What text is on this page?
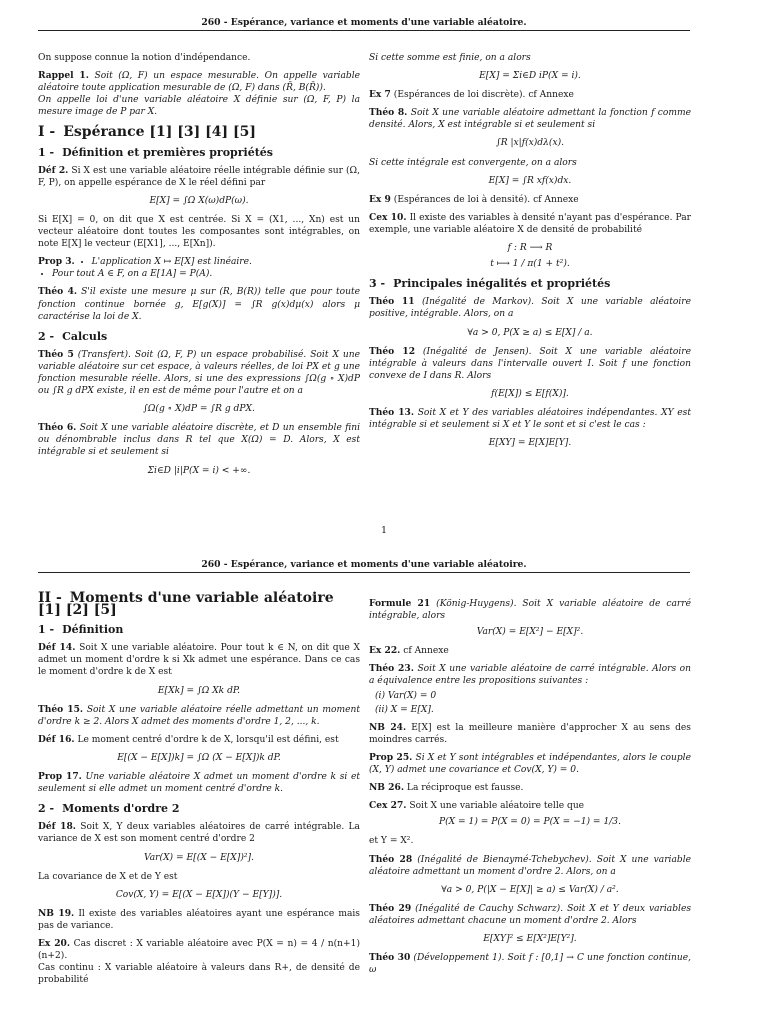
260 - Espérance, variance et moments d'une variable aléatoire.

On suppose connue la notion d'indépendance.

Rappel 1. Soit (Ω, F) un espace mesurable. On appelle variable aléatoire toute application mesurable de (Ω, F) dans (R̄, B(R̄)).
On appelle loi d'une variable aléatoire X définie sur (Ω, F, P) la mesure image de P par X.

I - Espérance [1] [3] [4] [5]
1 - Définition et premières propriétés

Déf 2. Si X est une variable aléatoire réelle intégrable définie sur (Ω, F, P), on appelle espérance de X le réel défini par

E[X] = ∫Ω X(ω)dP(ω).

Si E[X] = 0, on dit que X est centrée. Si X = (X1, ..., Xn) est un vecteur aléatoire dont toutes les composantes sont intégrables, on note E[X] le vecteur (E[X1], ..., E[Xn]).

Prop 3.
• L'application X ↦ E[X] est linéaire.
• Pour tout A ∈ F, on a E[1A] = P(A).

Théo 4. S'il existe une mesure μ sur (R, B(R)) telle que pour toute fonction continue bornée g, E[g(X)] = ∫R g(x)dμ(x) alors μ caractérise la loi de X.

2 - Calculs

Théo 5 (Transfert). Soit (Ω, F, P) un espace probabilisé. Soit X une variable aléatoire sur cet espace, à valeurs réelles, de loi PX et g une fonction mesurable réelle. Alors, si une des expressions ∫Ω(g ∘ X)dP ou ∫R g dPX existe, il en est de même pour l'autre et on a

∫Ω(g ∘ X)dP = ∫R g dPX.

Théo 6. Soit X une variable aléatoire discrète, et D un ensemble fini ou dénombrable inclus dans R tel que X(Ω) = D. Alors, X est intégrable si et seulement si

Σi∈D |i|P(X = i) < +∞.

Si cette somme est finie, on a alors

E[X] = Σi∈D iP(X = i).

Ex 7 (Espérances de loi discrète). cf Annexe

Théo 8. Soit X une variable aléatoire admettant la fonction f comme densité. Alors, X est intégrable si et seulement si

∫R |x|f(x)dλ(x).

Si cette intégrale est convergente, on a alors

E[X] = ∫R xf(x)dx.

Ex 9 (Espérances de loi à densité). cf Annexe

Cex 10. Il existe des variables à densité n'ayant pas d'espérance. Par exemple, une variable aléatoire X de densité de probabilité

f : R ⟶ R
t ⟼ 1 / π(1 + t²).
3 - Principales inégalités et propriétés

Théo 11 (Inégalité de Markov). Soit X une variable aléatoire positive, intégrable. Alors, on a

∀a > 0, P(X ≥ a) ≤ E[X] / a.

Théo 12 (Inégalité de Jensen). Soit X une variable aléatoire intégrable à valeurs dans l'intervalle ouvert I. Soit f une fonction convexe de I dans R. Alors

f(E[X]) ≤ E[f(X)].

Théo 13. Soit X et Y des variables aléatoires indépendantes. XY est intégrable si et seulement si X et Y le sont et si c'est le cas :

E[XY] = E[X]E[Y].
1
260 - Espérance, variance et moments d'une variable aléatoire.
II - Moments d'une variable aléatoire [1] [2] [5]
1 - Définition

Déf 14. Soit X une variable aléatoire. Pour tout k ∈ N, on dit que X admet un moment d'ordre k si Xk admet une espérance. Dans ce cas le moment d'ordre k de X est

E[Xk] = ∫Ω Xk dP.

Théo 15. Soit X une variable aléatoire réelle admettant un moment d'ordre k ≥ 2. Alors X admet des moments d'ordre 1, 2, ..., k.

Déf 16. Le moment centré d'ordre k de X, lorsqu'il est défini, est

E[(X − E[X])k] = ∫Ω (X − E[X])k dP.

Prop 17. Une variable aléatoire X admet un moment d'ordre k si et seulement si elle admet un moment centré d'ordre k.

2 - Moments d'ordre 2

Déf 18. Soit X, Y deux variables aléatoires de carré intégrable. La variance de X est son moment centré d'ordre 2

Var(X) = E[(X − E[X])²].

La covariance de X et de Y est

Cov(X, Y) = E[(X − E[X])(Y − E[Y])].

NB 19. Il existe des variables aléatoires ayant une espérance mais pas de variance.

Ex 20. Cas discret : X variable aléatoire avec P(X = n) = 4 / n(n+1)(n+2).
Cas continu : X variable aléatoire à valeurs dans R+, de densité de probabilité

Formule 21 (König-Huygens). Soit X variable aléatoire de carré intégrable, alors

Var(X) = E[X²] − E[X]².

Ex 22. cf Annexe

Théo 23. Soit X une variable aléatoire de carré intégrable. Alors on a équivalence entre les propositions suivantes :

(i) Var(X) = 0
(ii) X = E[X].

NB 24. E[X] est la meilleure manière d'approcher X au sens des moindres carrés.

Prop 25. Si X et Y sont intégrables et indépendantes, alors le couple (X, Y) admet une covariance et Cov(X, Y) = 0.

NB 26. La réciproque est fausse.

Cex 27. Soit X une variable aléatoire telle que

P(X = 1) = P(X = 0) = P(X = −1) = 1/3.

et Y = X².

Théo 28 (Inégalité de Bienaymé-Tchebychev). Soit X une variable aléatoire admettant un moment d'ordre 2. Alors, on a

∀a > 0, P(|X − E[X]| ≥ a) ≤ Var(X) / a².

Théo 29 (Inégalité de Cauchy Schwarz). Soit X et Y deux variables aléatoires admettant chacune un moment d'ordre 2. Alors

E[XY]² ≤ E[X²]E[Y²].

Théo 30 (Développement 1). Soit f : [0,1] → C une fonction continue, ω
